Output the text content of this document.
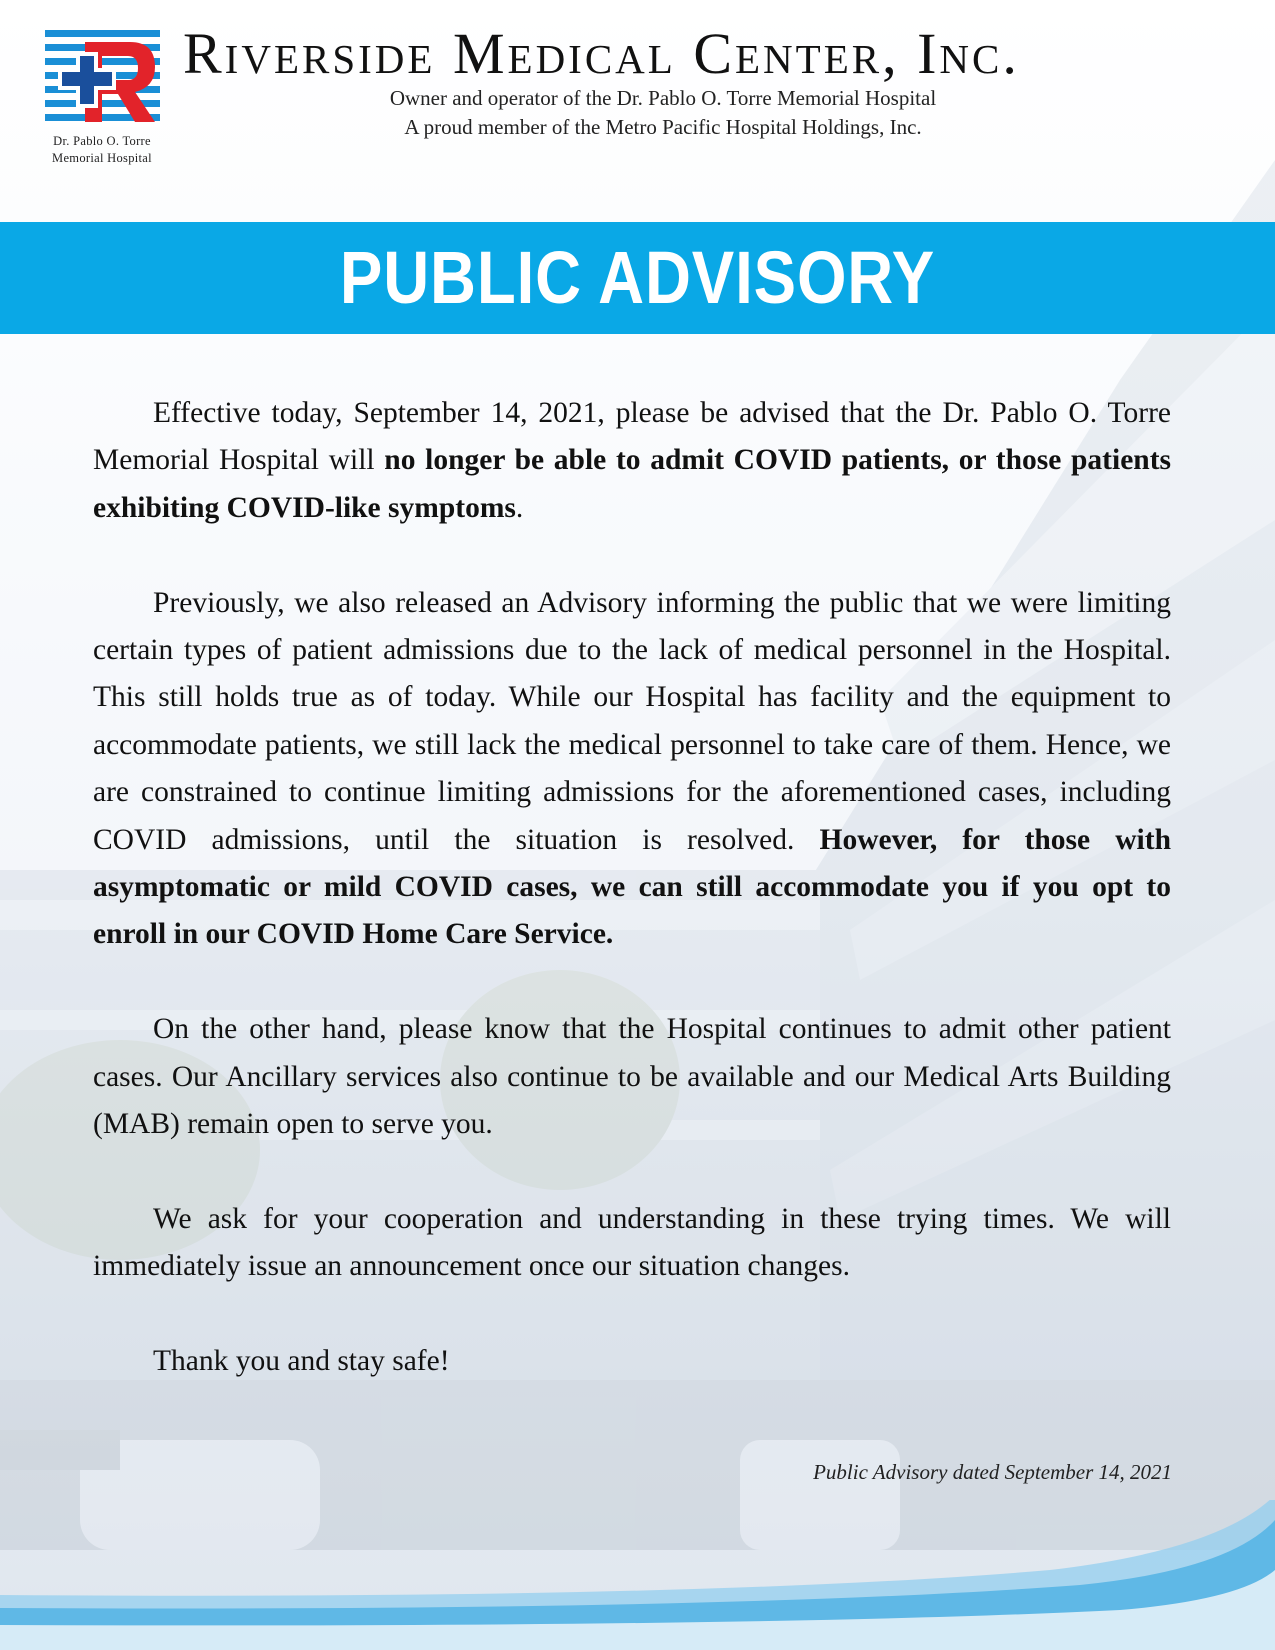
Dr. Pablo O. Torre
Memorial Hospital
Riverside Medical Center, Inc.
Owner and operator of the Dr. Pablo O. Torre Memorial Hospital
A proud member of the Metro Pacific Hospital Holdings, Inc.
PUBLIC ADVISORY

Effective today, September 14, 2021, please be advised that the Dr. Pablo O. Torre Memorial Hospital will no longer be able to admit COVID patients, or those patients exhibiting COVID-like symptoms.

Previously, we also released an Advisory informing the public that we were limiting certain types of patient admissions due to the lack of medical personnel in the Hospital. This still holds true as of today. While our Hospital has facility and the equipment to accommodate patients, we still lack the medical personnel to take care of them. Hence, we are constrained to continue limiting admissions for the aforementioned cases, including COVID admissions, until the situation is resolved. However, for those with asymptomatic or mild COVID cases, we can still accommodate you if you opt to enroll in our COVID Home Care Service.

On the other hand, please know that the Hospital continues to admit other patient cases. Our Ancillary services also continue to be available and our Medical Arts Building (MAB) remain open to serve you.

We ask for your cooperation and understanding in these trying times. We will immediately issue an announcement once our situation changes.

Thank you and stay safe!

Public Advisory dated September 14, 2021
